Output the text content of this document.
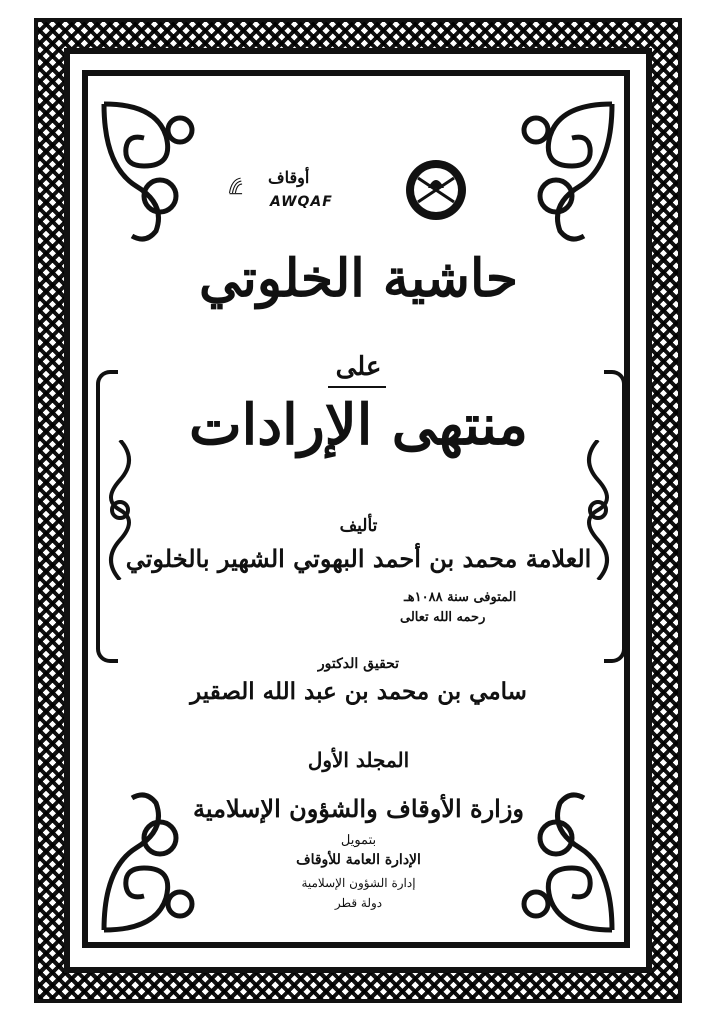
أوقاف
AWQAF
حاشية الخلوتي
على
منتهى الإرادات
تأليف
العلامة محمد بن أحمد البهوتي الشهير بالخلوتي
المتوفى سنة ١٠٨٨هـ
رحمه الله تعالى
تحقيق الدكتور
سامي بن محمد بن عبد الله الصقير
المجلد الأول
وزارة الأوقاف والشؤون الإسلامية
بتمويل
الإدارة العامة للأوقاف
إدارة الشؤون الإسلامية
دولة قطر
